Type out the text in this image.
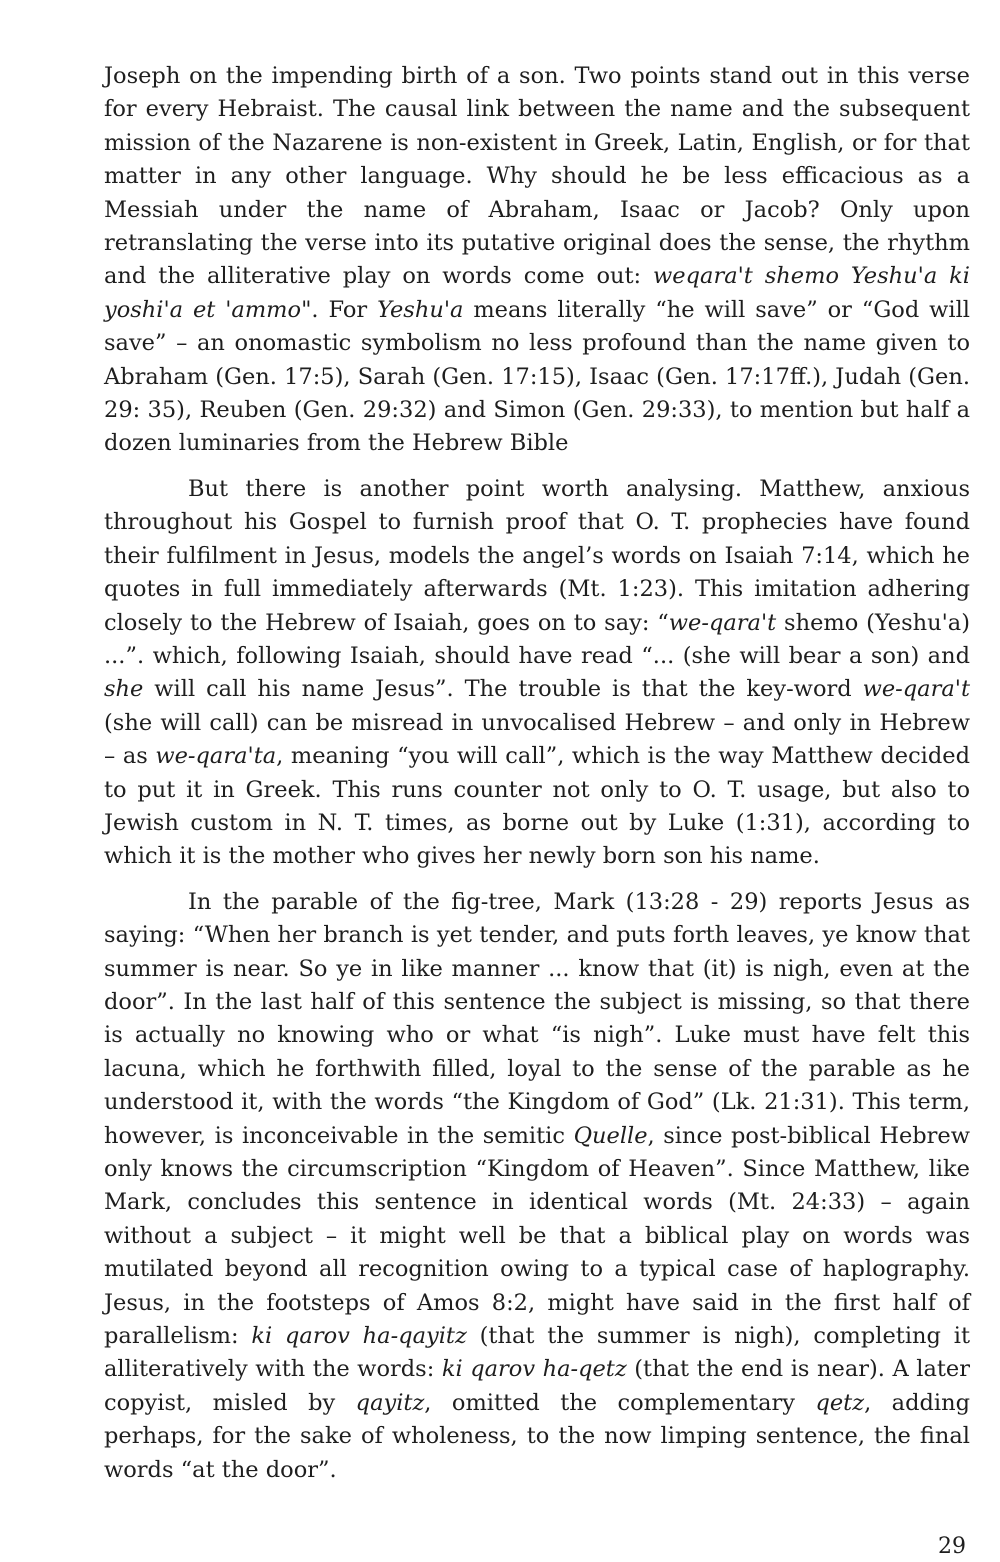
Joseph on the impending birth of a son. Two points stand out in this verse for every Hebraist. The causal link between the name and the subsequent mission of the Nazarene is non-existent in Greek, Latin, English, or for that matter in any other language. Why should he be less efficacious as a Messiah under the name of Abraham, Isaac or Jacob? Only upon retranslating the verse into its putative original does the sense, the rhythm and the alliterative play on words come out: weqara't shemo Yeshu'a ki yoshi'a et 'ammo". For Yeshu'a means literally “he will save” or “God will save” – an onomastic symbolism no less profound than the name given to Abraham (Gen. 17:5), Sarah (Gen. 17:15), Isaac (Gen. 17:17ff.), Judah (Gen. 29: 35), Reuben (Gen. 29:32) and Simon (Gen. 29:33), to mention but half a dozen luminaries from the Hebrew Bible

But there is another point worth analysing. Matthew, anxious throughout his Gospel to furnish proof that O. T. prophecies have found their fulfilment in Jesus, models the angel’s words on Isaiah 7:14, which he quotes in full immediately afterwards (Mt. 1:23). This imitation adhering closely to the Hebrew of Isaiah, goes on to say: “we-qara't shemo (Yeshu'a) ...”. which, following Isaiah, should have read “... (she will bear a son) and she will call his name Jesus”. The trouble is that the key-word we-qara't (she will call) can be misread in unvocalised Hebrew – and only in Hebrew – as we-qara'ta, meaning “you will call”, which is the way Matthew decided to put it in Greek. This runs counter not only to O. T. usage, but also to Jewish custom in N. T. times, as borne out by Luke (1:31), according to which it is the mother who gives her newly born son his name.

In the parable of the fig-tree, Mark (13:28 - 29) reports Jesus as saying: “When her branch is yet tender, and puts forth leaves, ye know that summer is near. So ye in like manner ... know that (it) is nigh, even at the door”. In the last half of this sentence the subject is missing, so that there is actually no knowing who or what “is nigh”. Luke must have felt this lacuna, which he forthwith filled, loyal to the sense of the parable as he understood it, with the words “the Kingdom of God” (Lk. 21:31). This term, however, is inconceivable in the semitic Quelle, since post-biblical Hebrew only knows the circumscription “Kingdom of Heaven”. Since Matthew, like Mark, concludes this sentence in identical words (Mt. 24:33) – again without a subject – it might well be that a biblical play on words was mutilated beyond all recognition owing to a typical case of haplography. Jesus, in the footsteps of Amos 8:2, might have said in the first half of parallelism: ki qarov ha-qayitz (that the summer is nigh), completing it alliteratively with the words: ki qarov ha-qetz (that the end is near). A later copyist, misled by qayitz, omitted the complementary qetz, adding perhaps, for the sake of wholeness, to the now limping sentence, the final words “at the door”.

29
